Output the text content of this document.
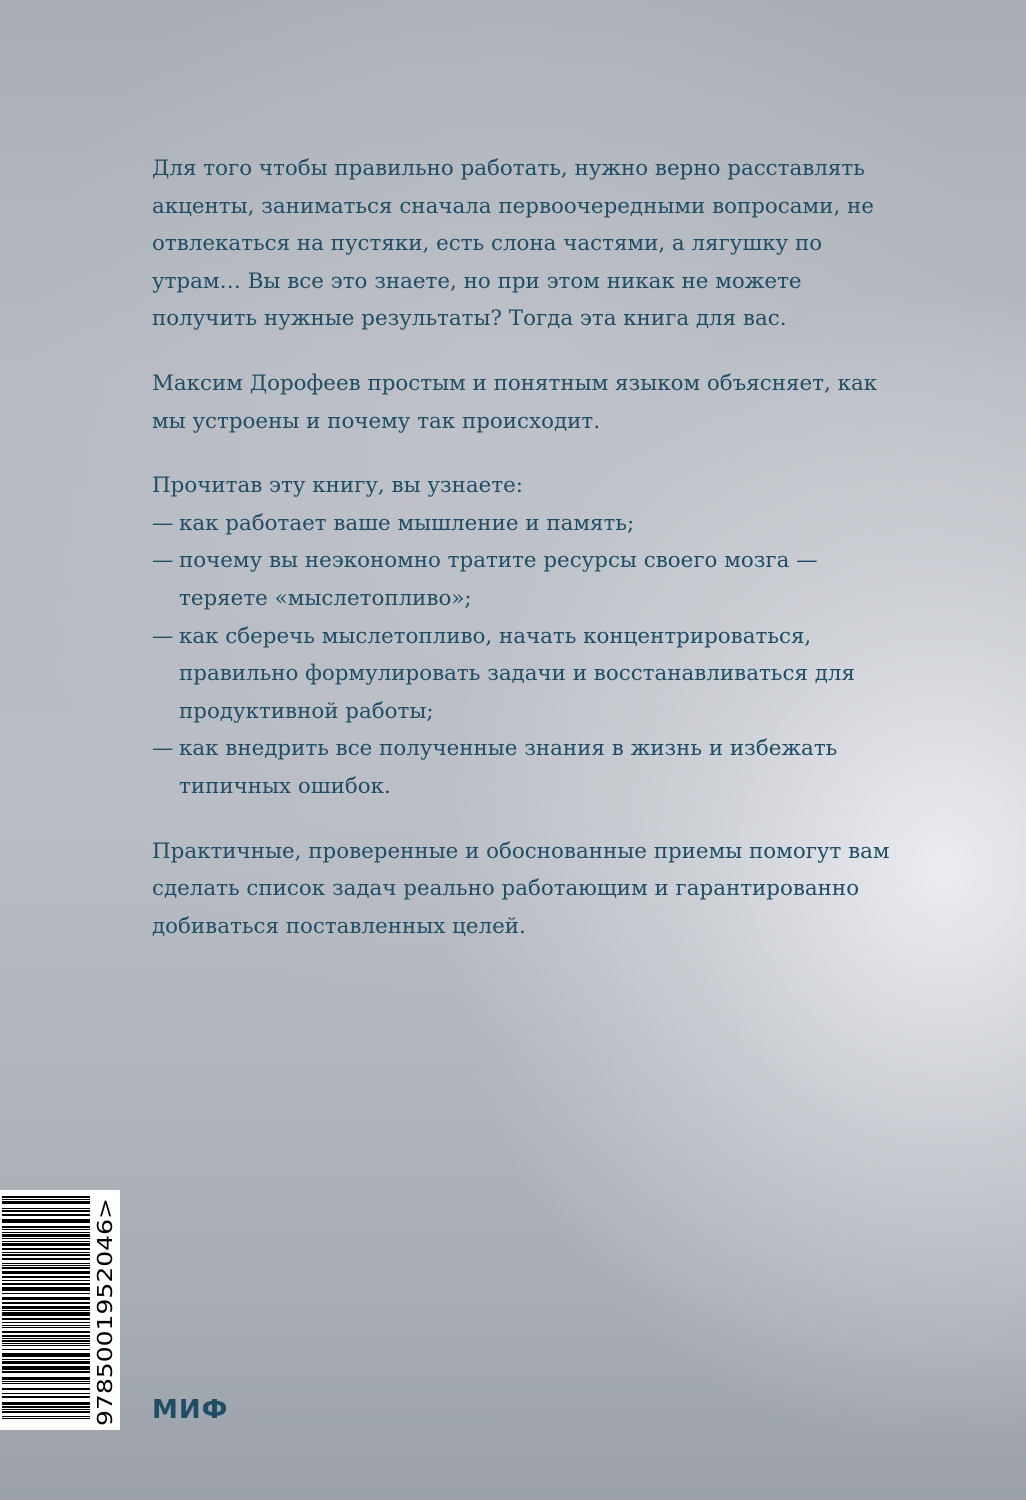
Для того чтобы правильно работать, нужно верно расставлять акценты, заниматься сначала первоочередными вопросами, не отвлекаться на пустяки, есть слона частями, а лягушку по утрам… Вы все это знаете, но при этом никак не можете получить нужные результаты? Тогда эта книга для вас.

Максим Дорофеев простым и понятным языком объясняет, как мы устроены и почему так происходит.

Прочитав эту книгу, вы узнаете:

— как работает ваше мышление и память;
— почему вы неэкономно тратите ресурсы своего мозга — теряете «мыслетопливо»;
— как сберечь мыслетопливо, начать концентрироваться, правильно формулировать задачи и восстанавливаться для продуктивной работы;
— как внедрить все полученные знания в жизнь и избежать типичных ошибок.

Практичные, проверенные и обоснованные приемы помогут вам сделать список задач реально работающим и гарантированно добиваться поставленных целей.

9785001952046> МИФ
